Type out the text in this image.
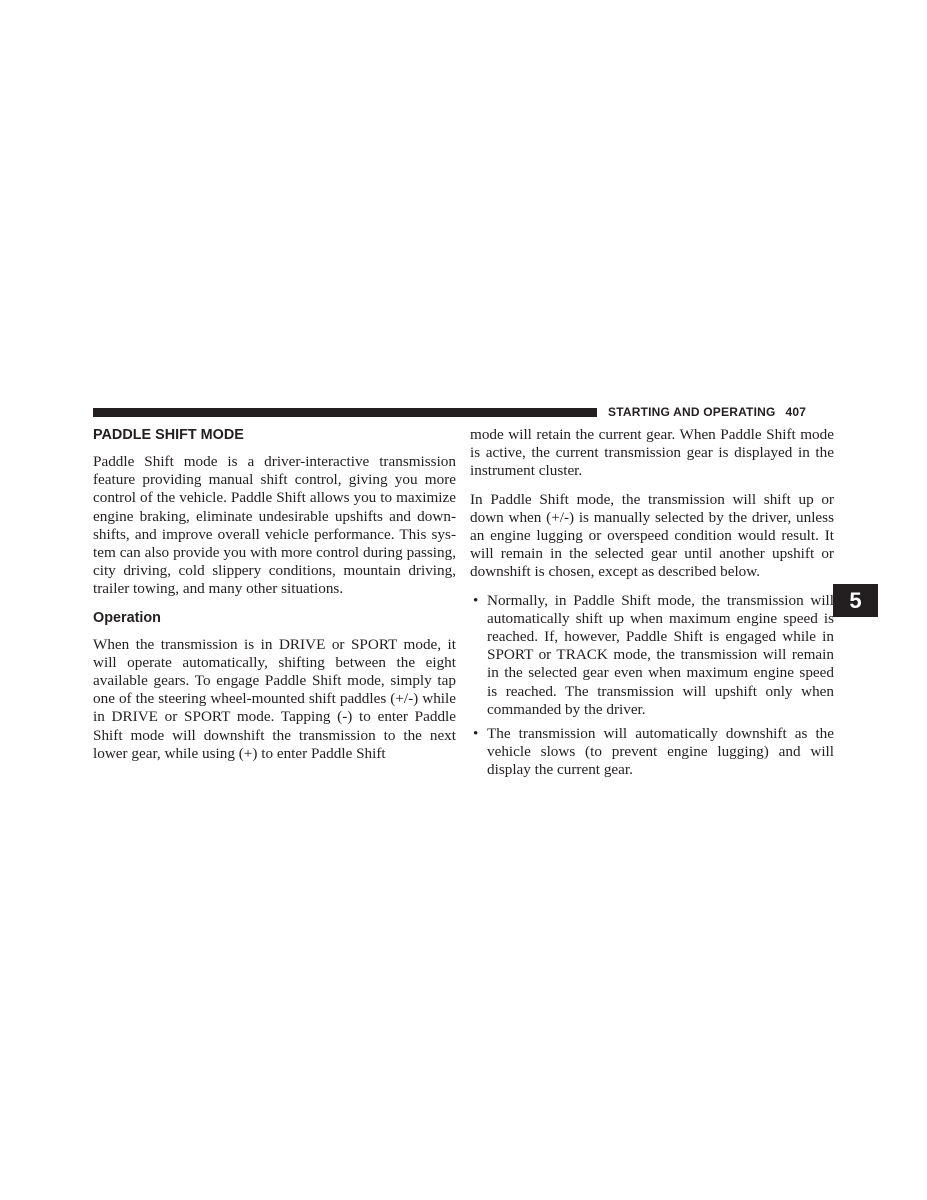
STARTING AND OPERATING 407
5
PADDLE SHIFT MODE

Paddle Shift mode is a driver-interactive transmission feature providing manual shift control, giving you more control of the vehicle. Paddle Shift allows you to maximize engine braking, eliminate undesirable upshifts and downshifts, and improve overall vehicle performance. This system can also provide you with more control during passing, city driving, cold slippery conditions, mountain driving, trailer towing, and many other situations.

Operation

When the transmission is in DRIVE or SPORT mode, it will operate automatically, shifting between the eight available gears. To engage Paddle Shift mode, simply tap one of the steering wheel-mounted shift paddles (+/-) while in DRIVE or SPORT mode. Tapping (-) to enter Paddle Shift mode will downshift the transmission to the next lower gear, while using (+) to enter Paddle Shift

mode will retain the current gear. When Paddle Shift mode is active, the current transmission gear is displayed in the instrument cluster.

In Paddle Shift mode, the transmission will shift up or down when (+/-) is manually selected by the driver, unless an engine lugging or overspeed condition would result. It will remain in the selected gear until another upshift or downshift is chosen, except as described below.

• Normally, in Paddle Shift mode, the transmission will automatically shift up when maximum engine speed is reached. If, however, Paddle Shift is engaged while in SPORT or TRACK mode, the transmission will remain in the selected gear even when maximum engine speed is reached. The transmission will upshift only when commanded by the driver.
• The transmission will automatically downshift as the vehicle slows (to prevent engine lugging) and will display the current gear.
